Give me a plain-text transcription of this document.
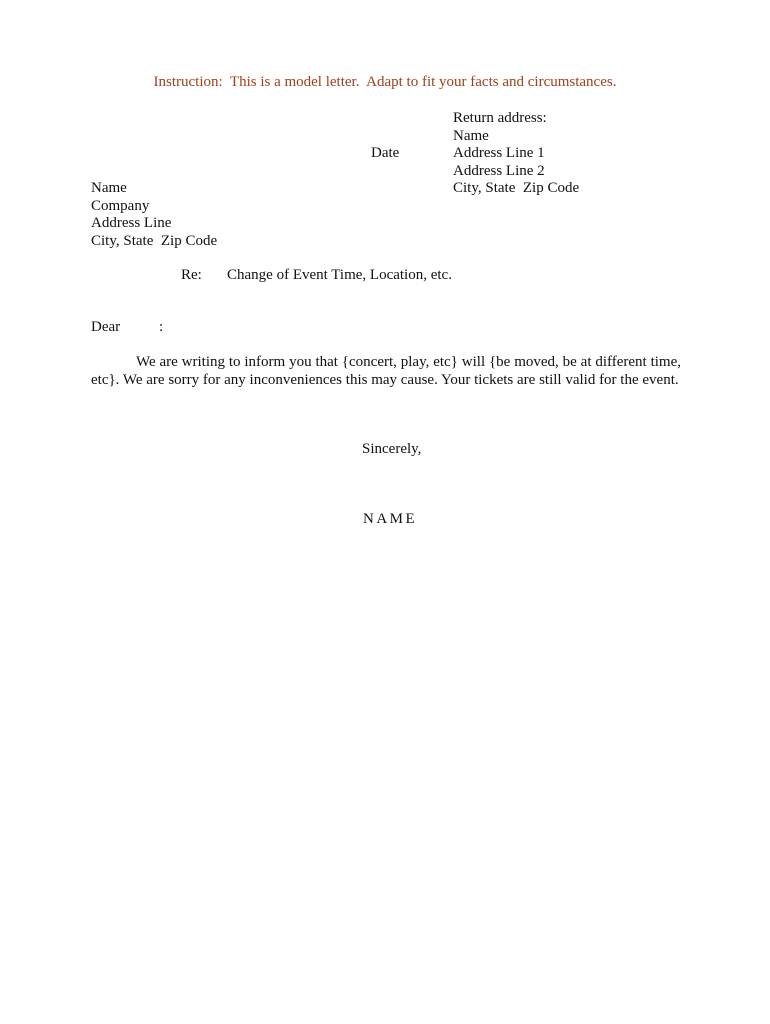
Instruction:  This is a model letter.  Adapt to fit your facts and circumstances.
Return address:
Name
Address Line 1
Address Line 2
City, State  Zip Code
Date
Name
Company
Address Line
City, State  Zip Code
Re: Change of Event Time, Location, etc.
Dear	:
We are writing to inform you that {concert, play, etc} will {be moved, be at different time, etc}. We are sorry for any inconveniences this may cause. Your tickets are still valid for the event.
Sincerely,
NAME
